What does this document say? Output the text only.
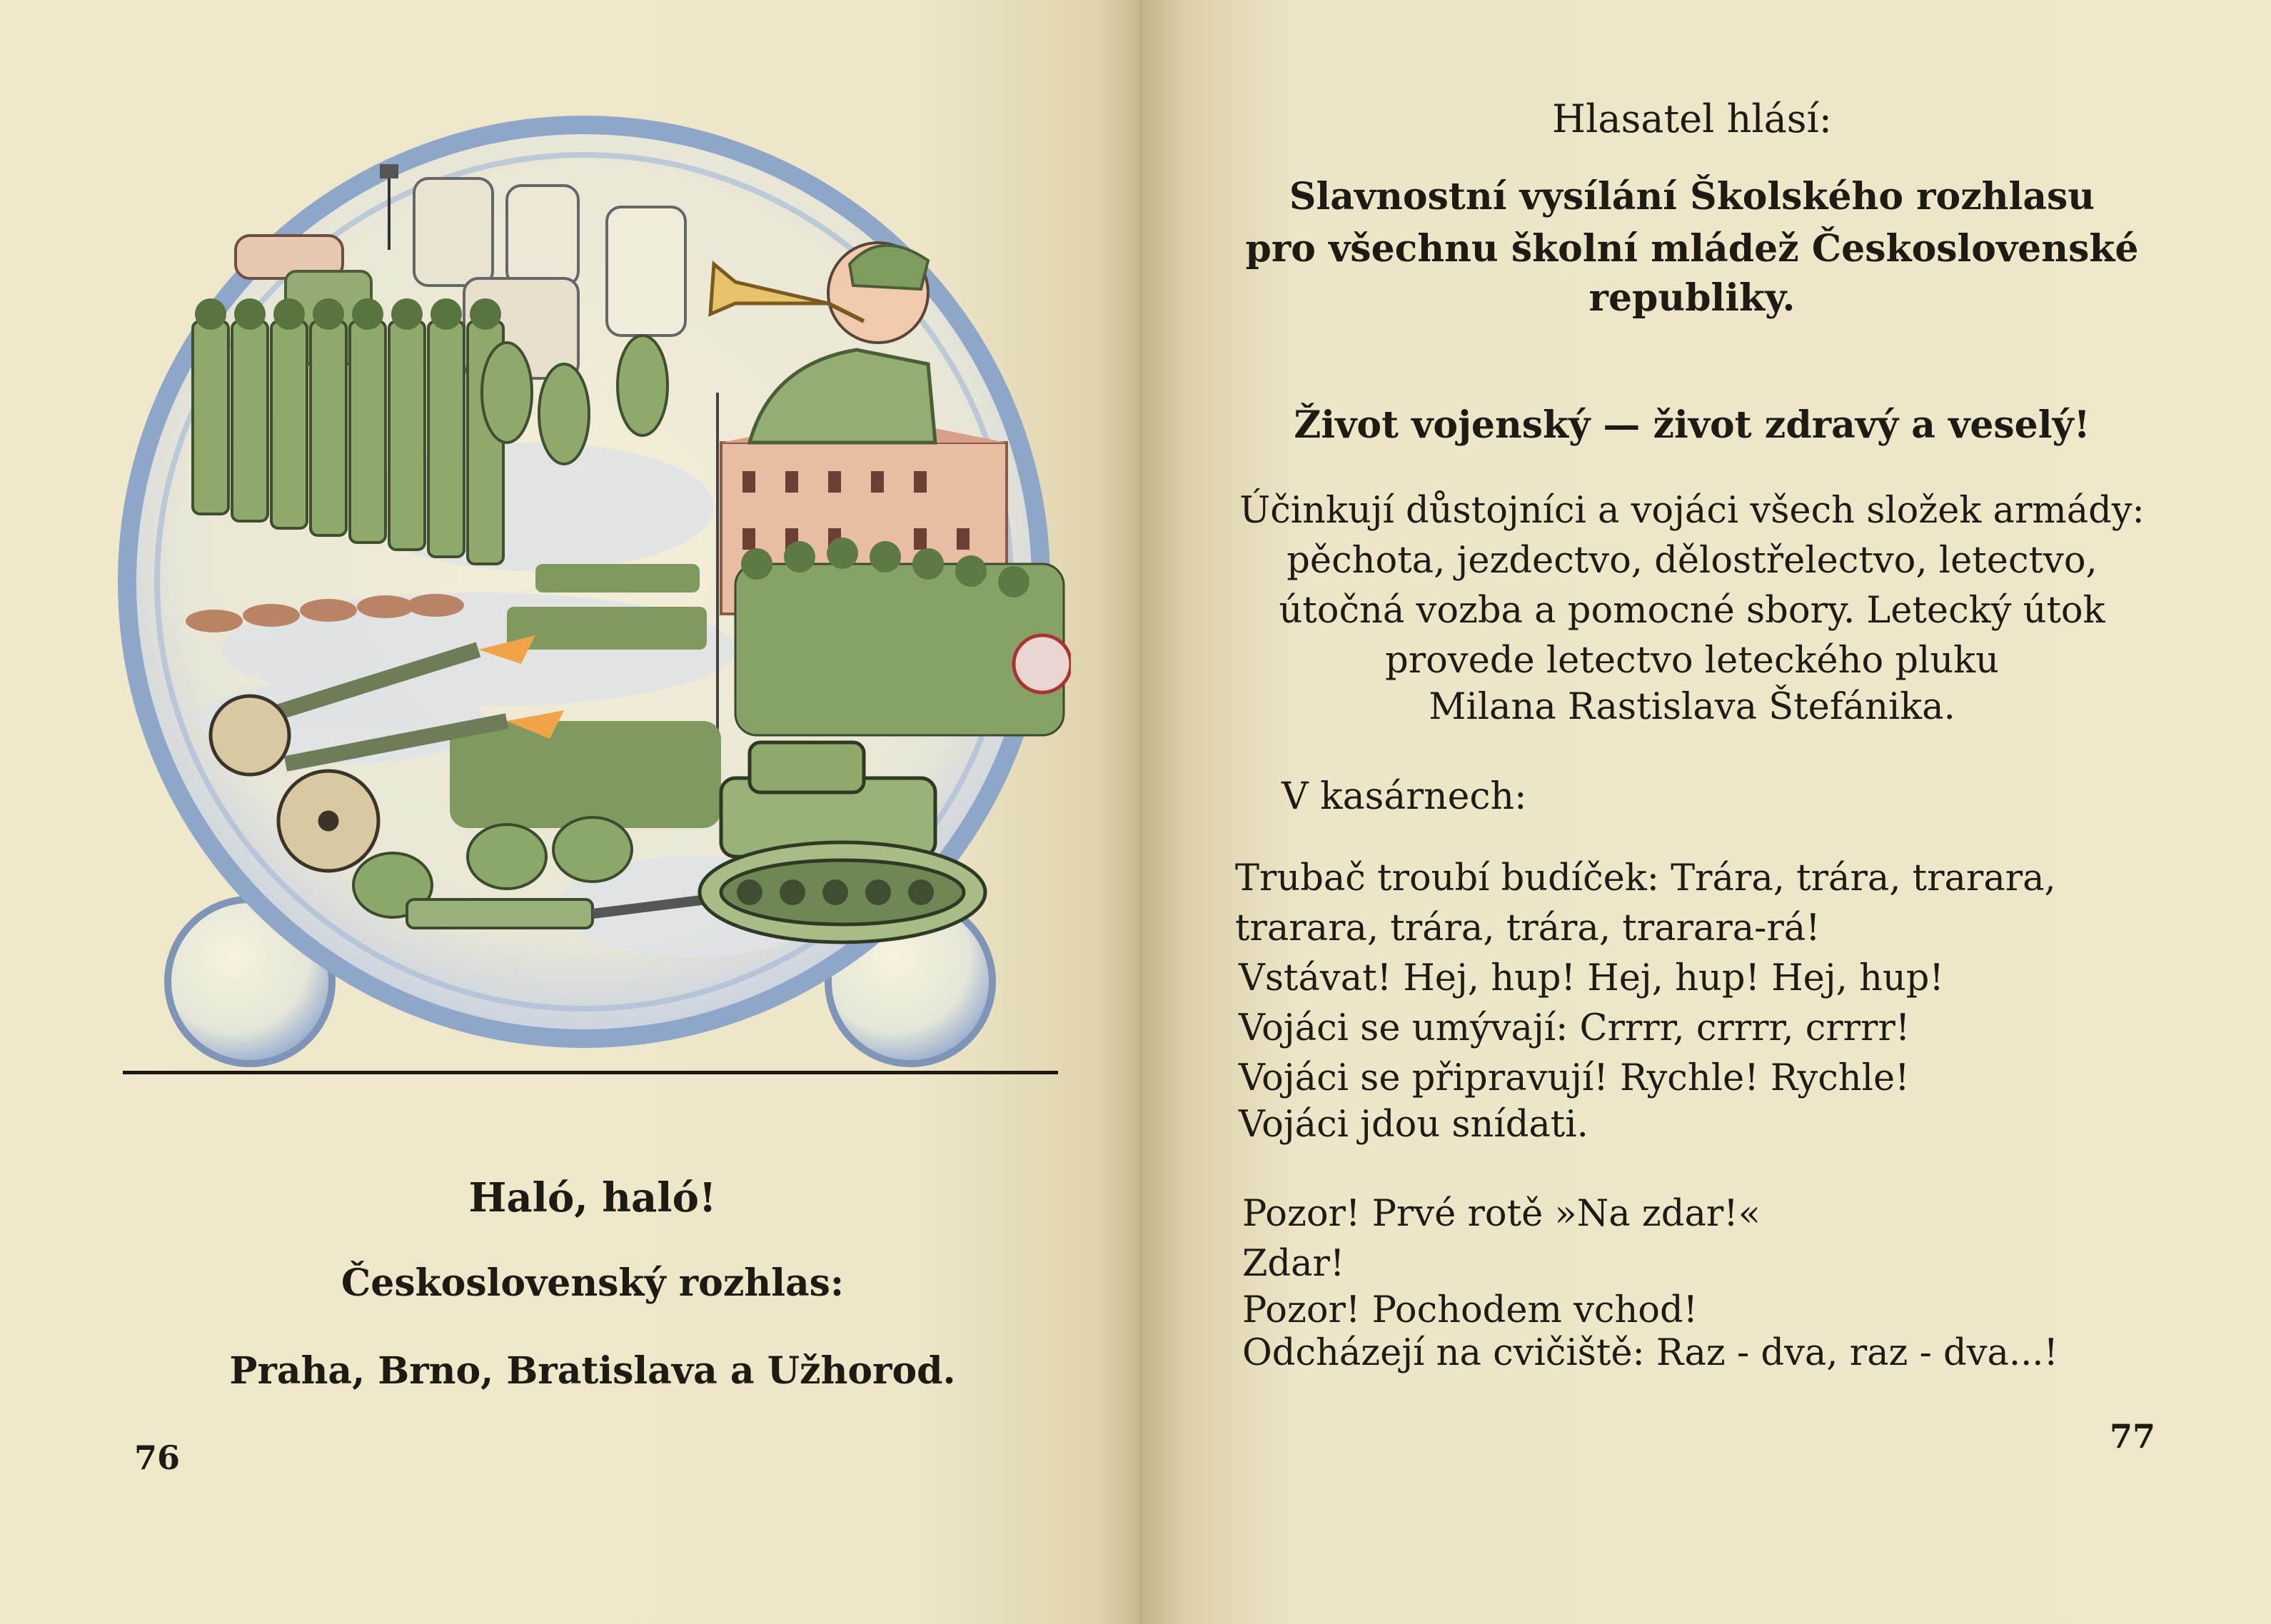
Haló, haló!
Československý rozhlas:
Praha, Brno, Bratislava a Užhorod.
76
Hlasatel hlásí:
Slavnostní vysílání Školského rozhlasu
pro všechnu školní mládež Československé
republiky.
Život vojenský — život zdravý a veselý!
Účinkují důstojníci a vojáci všech složek armády:
pěchota, jezdectvo, dělostřelectvo, letectvo,
útočná vozba a pomocné sbory. Letecký útok
provede letectvo leteckého pluku
Milana Rastislava Štefánika.
V kasárnech:
Trubač troubí budíček: Trára, trára, trarara,
trarara, trára, trára, trarara-rá!
Vstávat! Hej, hup! Hej, hup! Hej, hup!
Vojáci se umývají: Crrrr, crrrr, crrrr!
Vojáci se připravují! Rychle! Rychle!
Vojáci jdou snídati.
Pozor! Prvé rotě »Na zdar!«
Zdar!
Pozor! Pochodem vchod!
Odcházejí na cvičiště: Raz - dva, raz - dva...!
77
